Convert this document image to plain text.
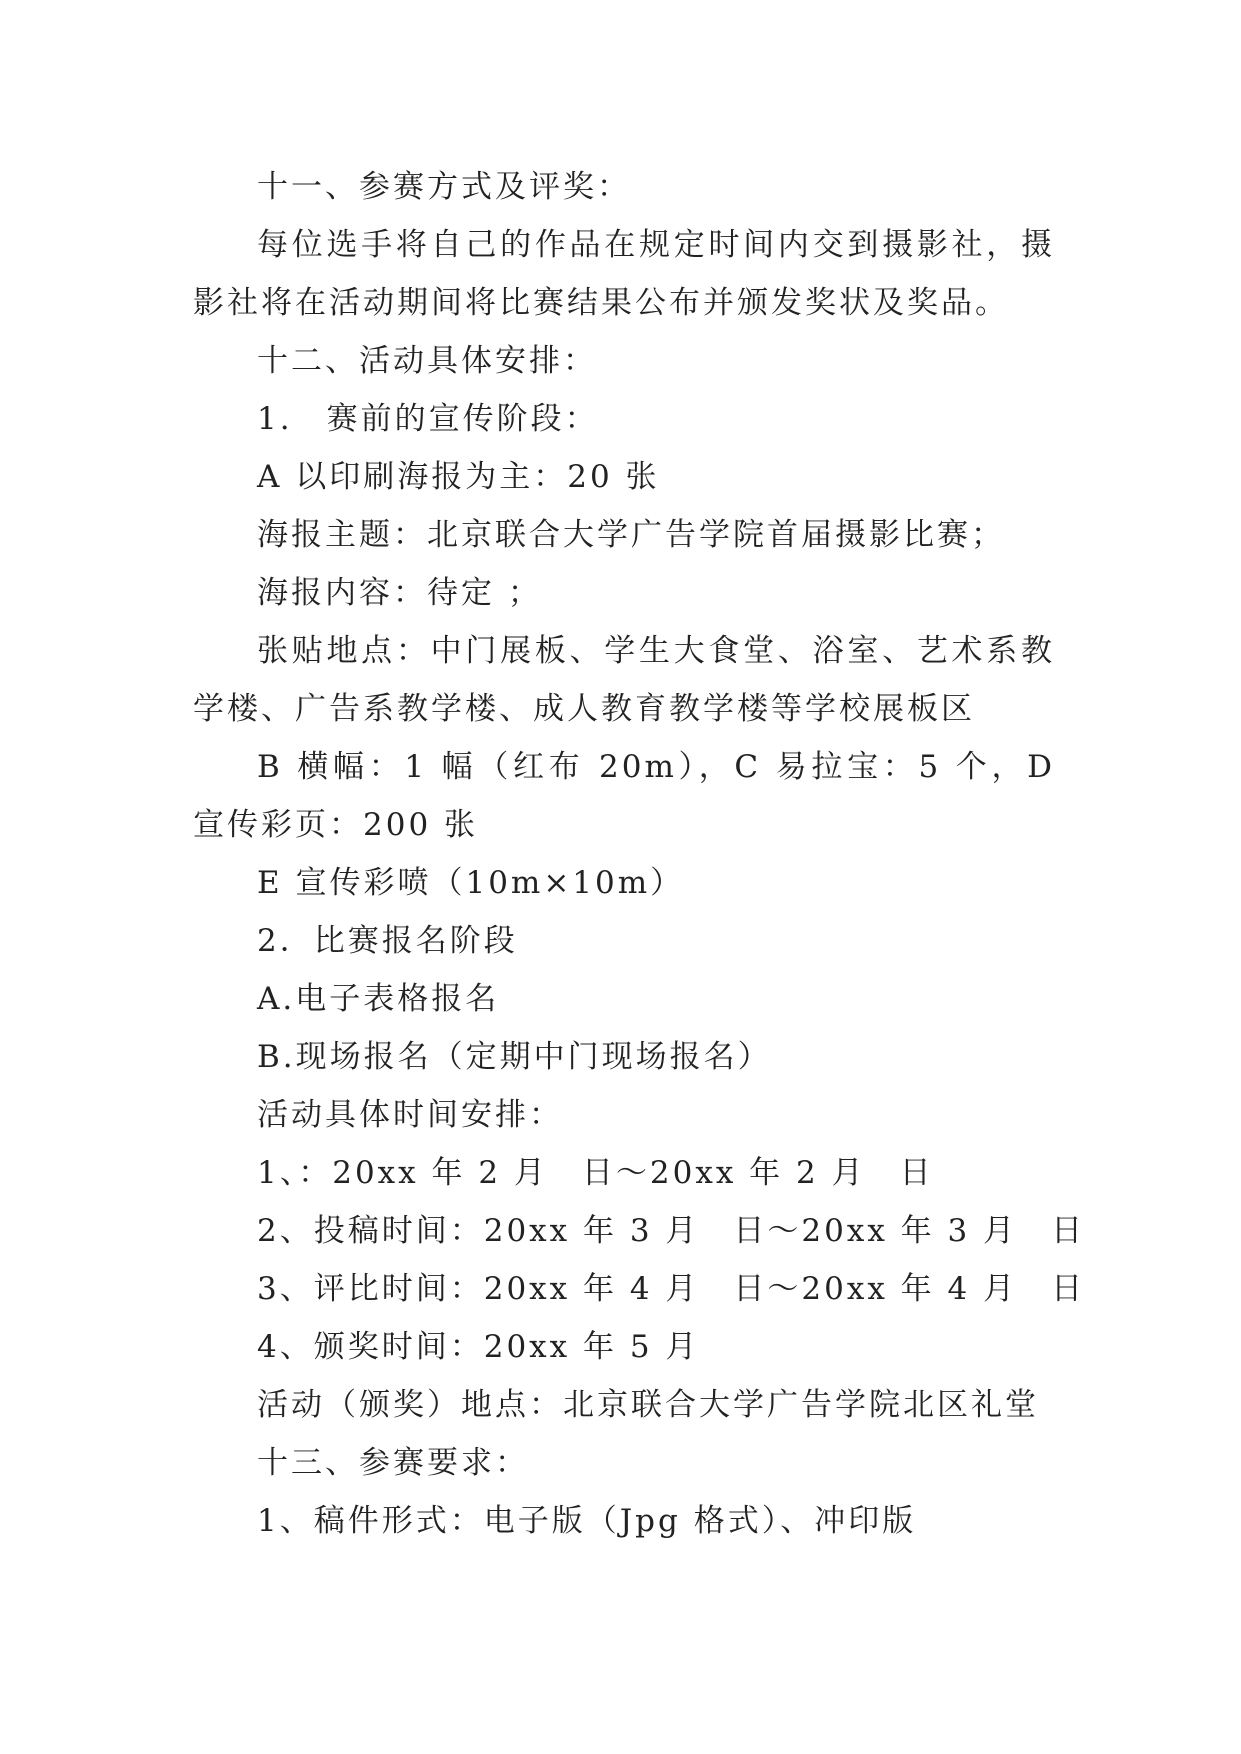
十一、参赛方式及评奖：

每位选手将自己的作品在规定时间内交到摄影社，摄影社将在活动期间将比赛结果公布并颁发奖状及奖品。

十二、活动具体安排：

1.　赛前的宣传阶段：

A 以印刷海报为主：20 张

海报主题：北京联合大学广告学院首届摄影比赛；

海报内容：待定 ；

张贴地点：中门展板、学生大食堂、浴室、艺术系教学楼、广告系教学楼、成人教育教学楼等学校展板区

B 横幅：1 幅（红布 20m），C 易拉宝：5 个，D 宣传彩页：200 张

E 宣传彩喷（10m×10m）

2．比赛报名阶段

A.电子表格报名

B.现场报名（定期中门现场报名）

活动具体时间安排：

1、：20xx 年 2 月　日～20xx 年 2 月　日

2、投稿时间：20xx 年 3 月　日～20xx 年 3 月　日

3、评比时间：20xx 年 4 月　日～20xx 年 4 月　日

4、颁奖时间：20xx 年 5 月

活动（颁奖）地点：北京联合大学广告学院北区礼堂

十三、参赛要求：

1、稿件形式：电子版（Jpg 格式）、冲印版
